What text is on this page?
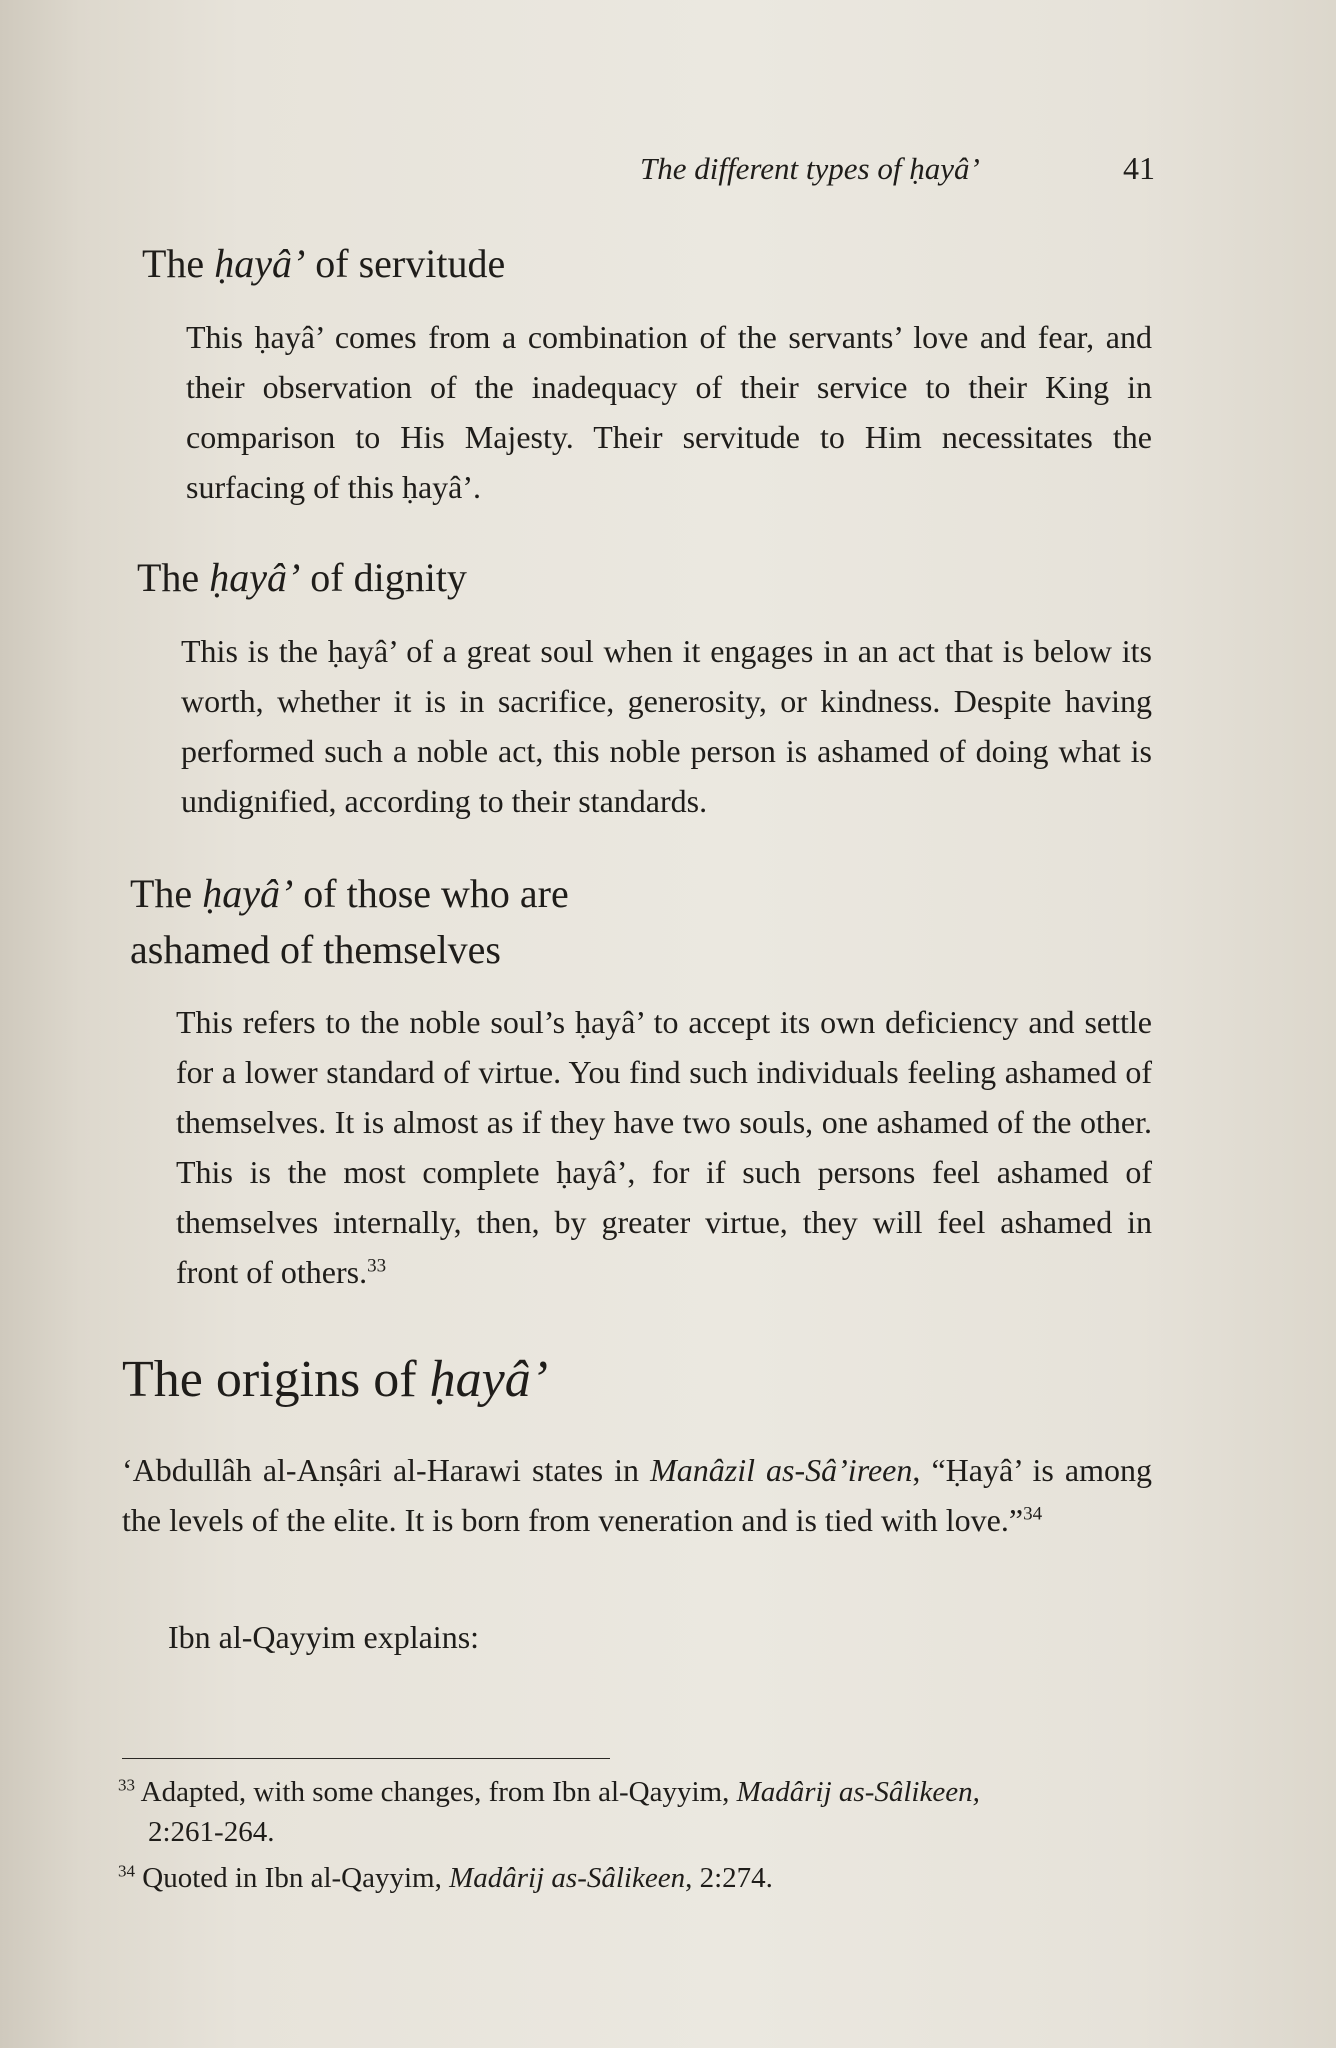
The different types of ḥayâ’	41
The ḥayâ’ of servitude

This ḥayâ’ comes from a combination of the servants’ love and fear, and their observation of the inadequacy of their service to their King in comparison to His Majesty. Their servitude to Him necessitates the surfacing of this ḥayâ’.

The ḥayâ’ of dignity

This is the ḥayâ’ of a great soul when it engages in an act that is below its worth, whether it is in sacrifice, generosity, or kindness. Despite having performed such a noble act, this noble person is ashamed of doing what is undignified, according to their standards.

The ḥayâ’ of those who are
ashamed of themselves

This refers to the noble soul’s ḥayâ’ to accept its own deficiency and settle for a lower standard of virtue. You find such individuals feeling ashamed of themselves. It is almost as if they have two souls, one ashamed of the other. This is the most complete ḥayâ’, for if such persons feel ashamed of themselves internally, then, by greater virtue, they will feel ashamed in front of others.$^{33}$

The origins of ḥayâ’

‘Abdullâh al-Anṣâri al-Harawi states in Manâzil as-Sâ’ireen, “Ḥayâ’ is among the levels of the elite. It is born from veneration and is tied with love.”$^{34}$

Ibn al-Qayyim explains:

$^{33}$ Adapted, with some changes, from Ibn al-Qayyim, Madârij as-Sâlikeen,
2:261-264.

$^{34}$ Quoted in Ibn al-Qayyim, Madârij as-Sâlikeen, 2:274.
